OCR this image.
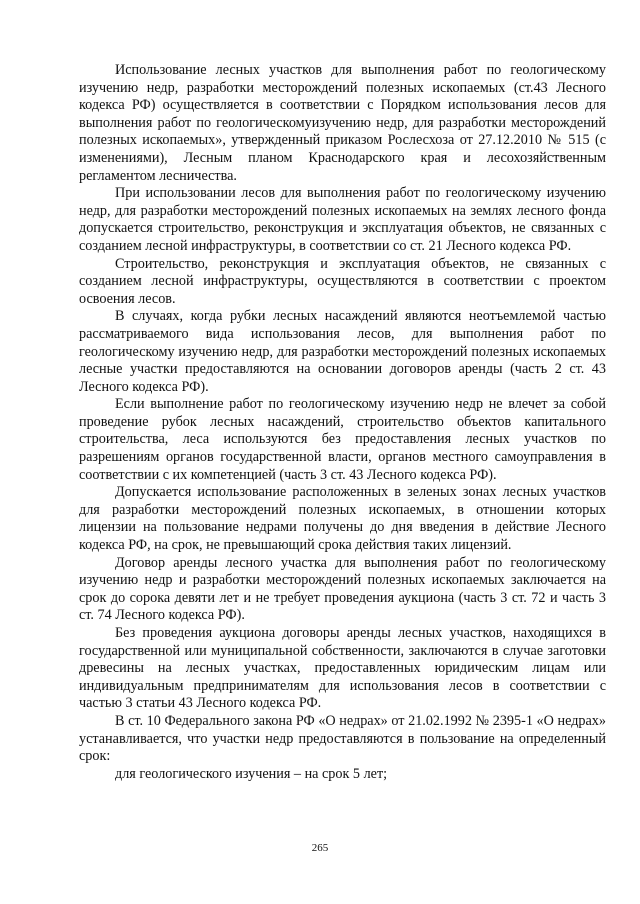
Использование лесных участков для выполнения работ по геологическому изучению недр, разработки месторождений полезных ископаемых (ст.43 Лесного кодекса РФ) осуществляется в соответствии с Порядком использования лесов для выполнения работ по геологическомуизучению недр, для разработки месторождений полезных ископаемых», утвержденный приказом Рослесхоза от 27.12.2010 № 515 (с изменениями), Лесным планом Краснодарского края и лесохозяйственным регламентом лесничества.

При использовании лесов для выполнения работ по геологическому изучению недр, для разработки месторождений полезных ископаемых на землях лесного фонда допускается строительство, реконструкция и эксплуатация объектов, не связанных с созданием лесной инфраструктуры, в соответствии со ст. 21 Лесного кодекса РФ.

Строительство, реконструкция и эксплуатация объектов, не связанных с созданием лесной инфраструктуры, осуществляются в соответствии с проектом освоения лесов.

В случаях, когда рубки лесных насаждений являются неотъемлемой частью рассматриваемого вида использования лесов, для выполнения работ по геологическому изучению недр, для разработки месторождений полезных ископаемых лесные участки предоставляются на основании договоров аренды (часть 2 ст. 43 Лесного кодекса РФ).

Если выполнение работ по геологическому изучению недр не влечет за собой проведение рубок лесных насаждений, строительство объектов капитального строительства, леса используются без предоставления лесных участков по разрешениям органов государственной власти, органов местного самоуправления в соответствии с их компетенцией (часть 3 ст. 43 Лесного кодекса РФ).

Допускается использование расположенных в зеленых зонах лесных участков для разработки месторождений полезных ископаемых, в отношении которых лицензии на пользование недрами получены до дня введения в действие Лесного кодекса РФ, на срок, не превышающий срока действия таких лицензий.

Договор аренды лесного участка для выполнения работ по геологическому изучению недр и разработки месторождений полезных ископаемых заключается на срок до сорока девяти лет и не требует проведения аукциона (часть 3 ст. 72 и часть 3 ст. 74 Лесного кодекса РФ).

Без проведения аукциона договоры аренды лесных участков, находящихся в государственной или муниципальной собственности, заключаются в случае заготовки древесины на лесных участках, предоставленных юридическим лицам или индивидуальным предпринимателям для использования лесов в соответствии с частью 3 статьи 43 Лесного кодекса РФ.

В ст. 10 Федерального закона РФ «О недрах» от 21.02.1992 № 2395-1 «О недрах» устанавливается, что участки недр предоставляются в пользование на определенный срок:

для геологического изучения – на срок 5 лет;

265
